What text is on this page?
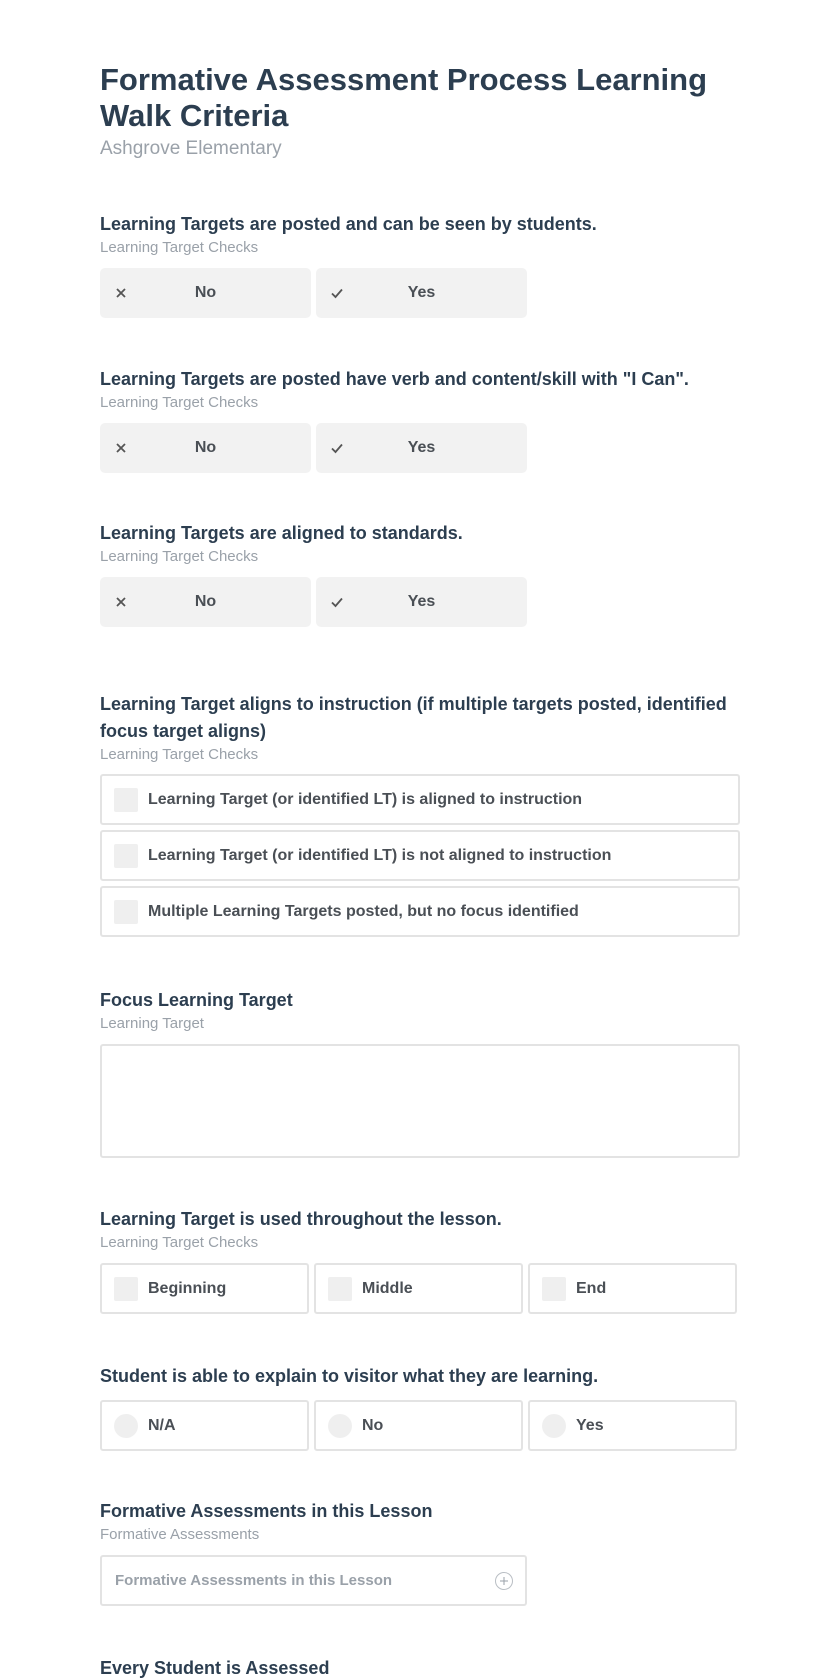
Formative Assessment Process Learning Walk Criteria
Ashgrove Elementary
Learning Targets are posted and can be seen by students.
Learning Target Checks
No	Yes
Learning Targets are posted have verb and content/skill with "I Can".
Learning Target Checks
No	Yes
Learning Targets are aligned to standards.
Learning Target Checks
No	Yes
Learning Target aligns to instruction (if multiple targets posted, identified focus target aligns)
Learning Target Checks
Learning Target (or identified LT) is aligned to instruction
Learning Target (or identified LT) is not aligned to instruction
Multiple Learning Targets posted, but no focus identified
Focus Learning Target
Learning Target
Learning Target is used throughout the lesson.
Learning Target Checks
Beginning	Middle	End
Student is able to explain to visitor what they are learning.
N/A	No	Yes
Formative Assessments in this Lesson
Formative Assessments
Formative Assessments in this Lesson
Every Student is Assessed
